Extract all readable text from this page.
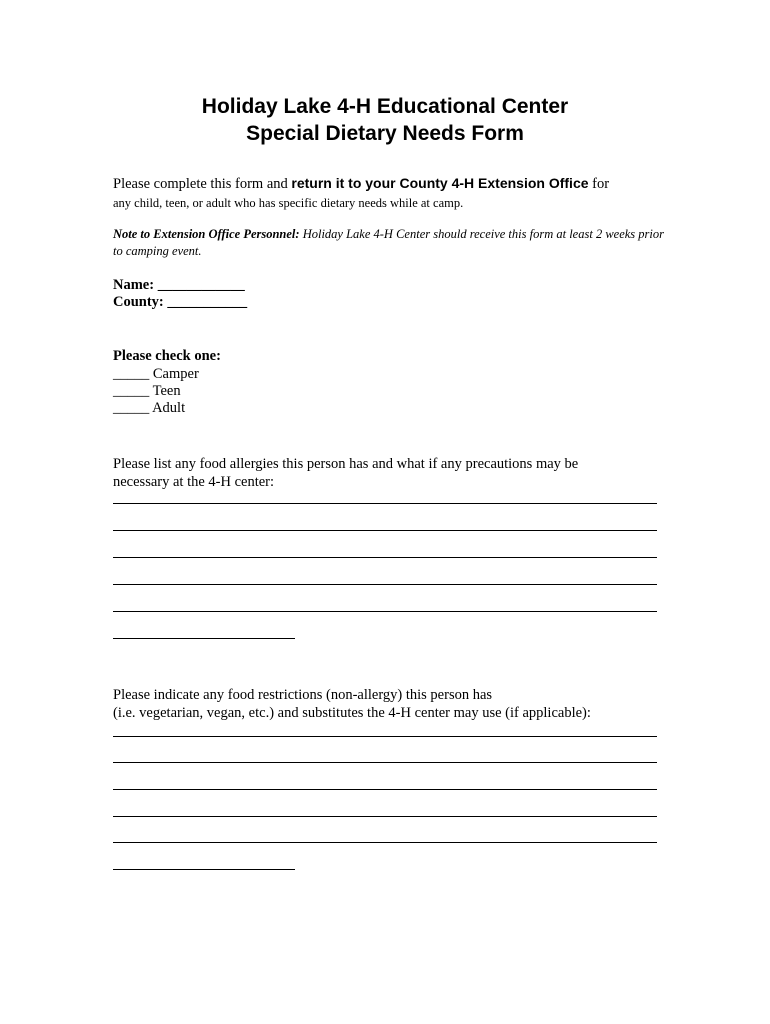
Holiday Lake 4-H Educational Center
Special Dietary Needs Form
Please complete this form and return it to your County 4-H Extension Office for
any child, teen, or adult who has specific dietary needs while at camp.
Note to Extension Office Personnel: Holiday Lake 4-H Center should receive this form at least 2 weeks prior to camping event.
Name: ____________
County: ___________
Please check one:
_____ Camper
_____ Teen
_____ Adult
Please list any food allergies this person has and what if any precautions may be
necessary at the 4-H center:
Please indicate any food restrictions (non-allergy) this person has
(i.e. vegetarian, vegan, etc.) and substitutes the 4-H center may use (if applicable):
